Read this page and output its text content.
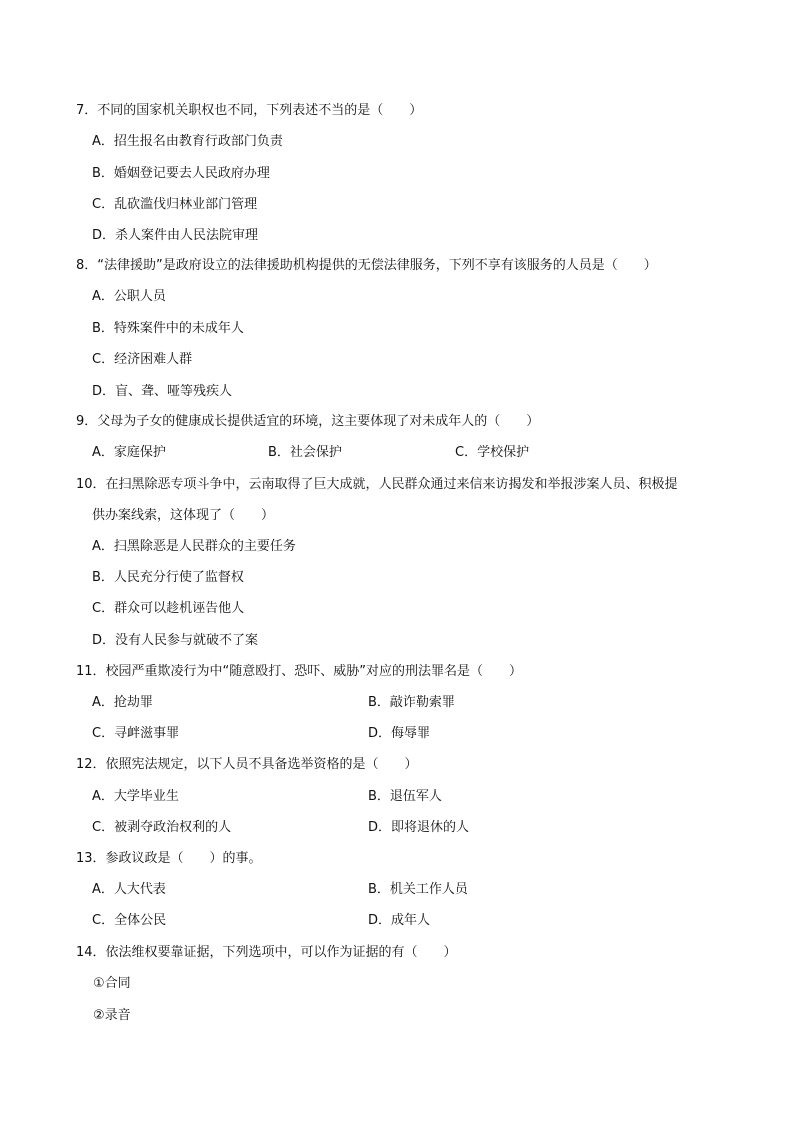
7．不同的国家机关职权也不同，下列表述不当的是（　　）
A．招生报名由教育行政部门负责
B．婚姻登记要去人民政府办理
C．乱砍滥伐归林业部门管理
D．杀人案件由人民法院审理
8．“法律援助”是政府设立的法律援助机构提供的无偿法律服务，下列不享有该服务的人员是（　　）
A．公职人员
B．特殊案件中的未成年人
C．经济困难人群
D．盲、聋、哑等残疾人
9．父母为子女的健康成长提供适宜的环境，这主要体现了对未成年人的（　　）
A．家庭保护	B．社会保护	C．学校保护
10．在扫黑除恶专项斗争中，云南取得了巨大成就，人民群众通过来信来访揭发和举报涉案人员、积极提
供办案线索，这体现了（　　）
A．扫黑除恶是人民群众的主要任务
B．人民充分行使了监督权
C．群众可以趁机诬告他人
D．没有人民参与就破不了案
11．校园严重欺凌行为中“随意殴打、恐吓、威胁”对应的刑法罪名是（　　）
A．抢劫罪	B．敲诈勒索罪
C．寻衅滋事罪	D．侮辱罪
12．依照宪法规定，以下人员不具备选举资格的是（　　）
A．大学毕业生	B．退伍军人
C．被剥夺政治权利的人	D．即将退休的人
13．参政议政是（　　）的事。
A．人大代表	B．机关工作人员
C．全体公民	D．成年人
14．依法维权要靠证据，下列选项中，可以作为证据的有（　　）
①合同
②录音
